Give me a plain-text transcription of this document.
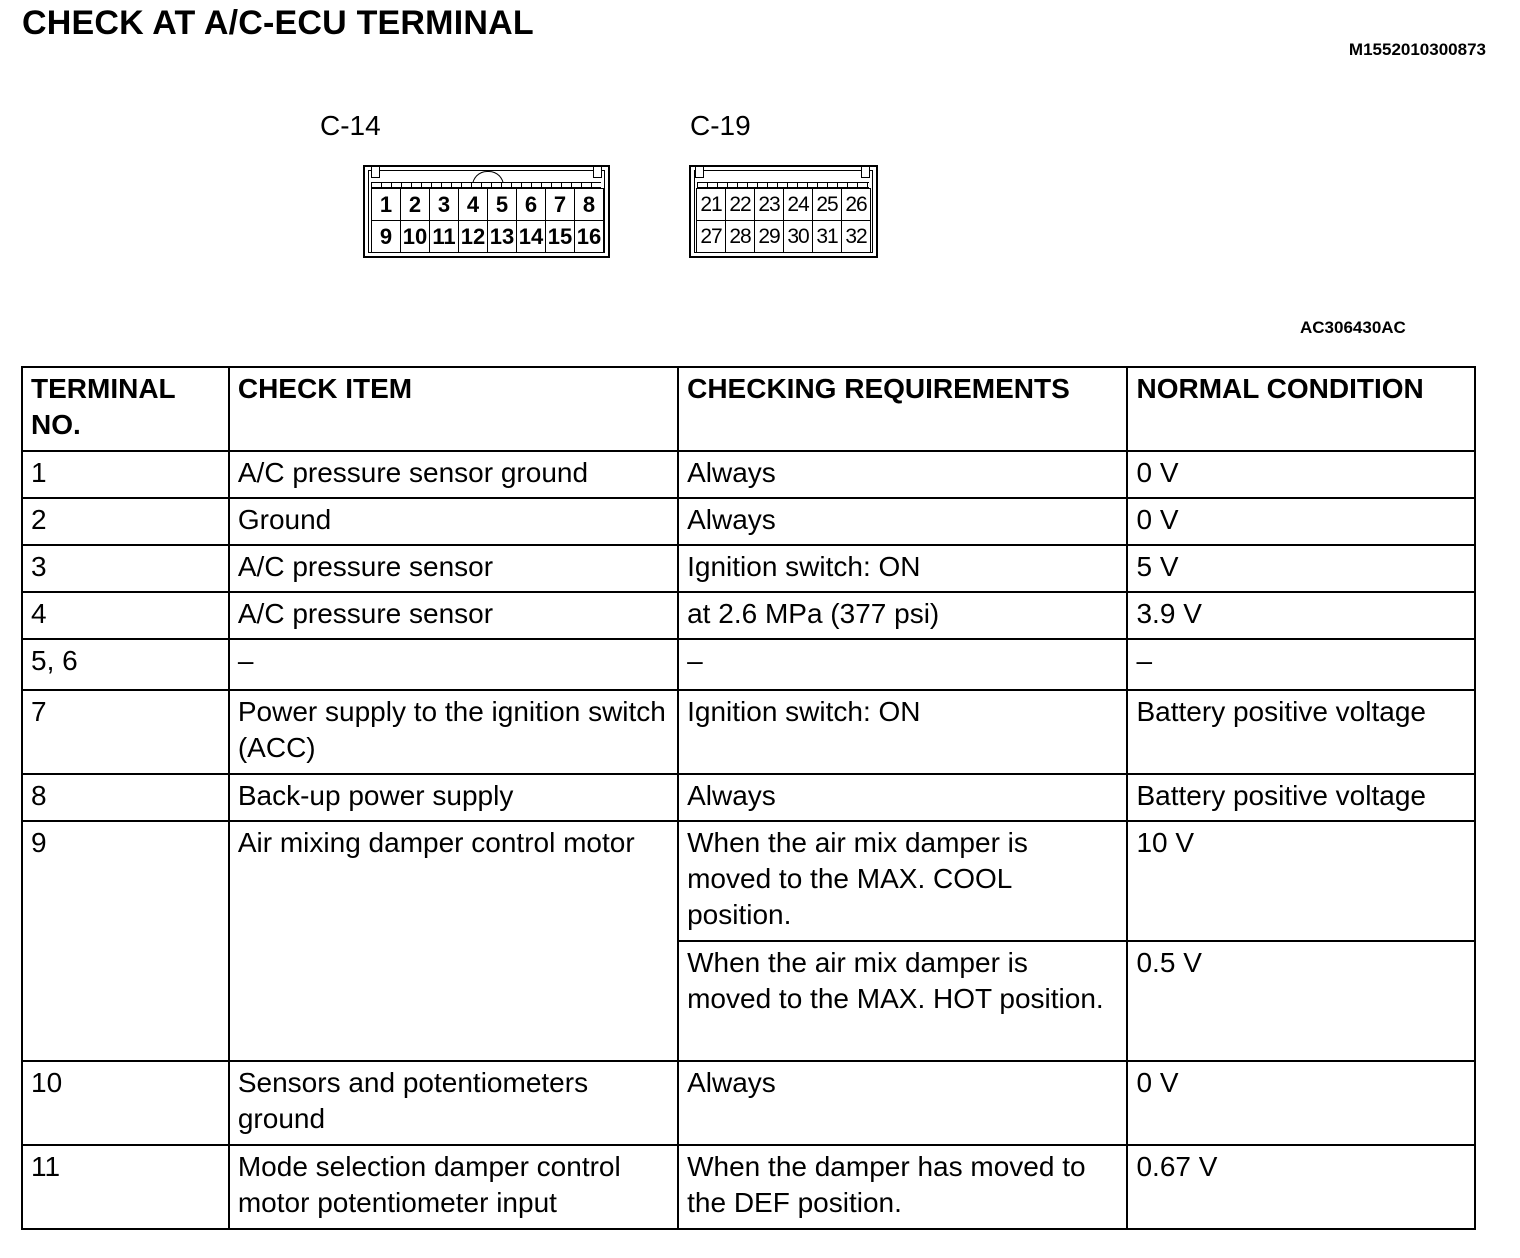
CHECK AT A/C-ECU TERMINAL
M1552010300873
C-14
1 2 3 4 5 6 7 8
9 10 11 12 13 14 15 16
C-19
21 22 23 24 25 26
27 28 29 30 31 32
AC306430AC
TERMINAL NO.	CHECK ITEM	CHECKING REQUIREMENTS	NORMAL CONDITION
1	A/C pressure sensor ground	Always	0 V
2	Ground	Always	0 V
3	A/C pressure sensor	Ignition switch: ON	5 V
4	A/C pressure sensor	at 2.6 MPa (377 psi)	3.9 V
5, 6	–	–	–
7	Power supply to the ignition switch (ACC)	Ignition switch: ON	Battery positive voltage
8	Back-up power supply	Always	Battery positive voltage
9	Air mixing damper control motor	When the air mix damper is moved to the MAX. COOL position.	10 V
		When the air mix damper is moved to the MAX. HOT position.	0.5 V
10	Sensors and potentiometers ground	Always	0 V
11	Mode selection damper control motor potentiometer input	When the damper has moved to the DEF position.	0.67 V
